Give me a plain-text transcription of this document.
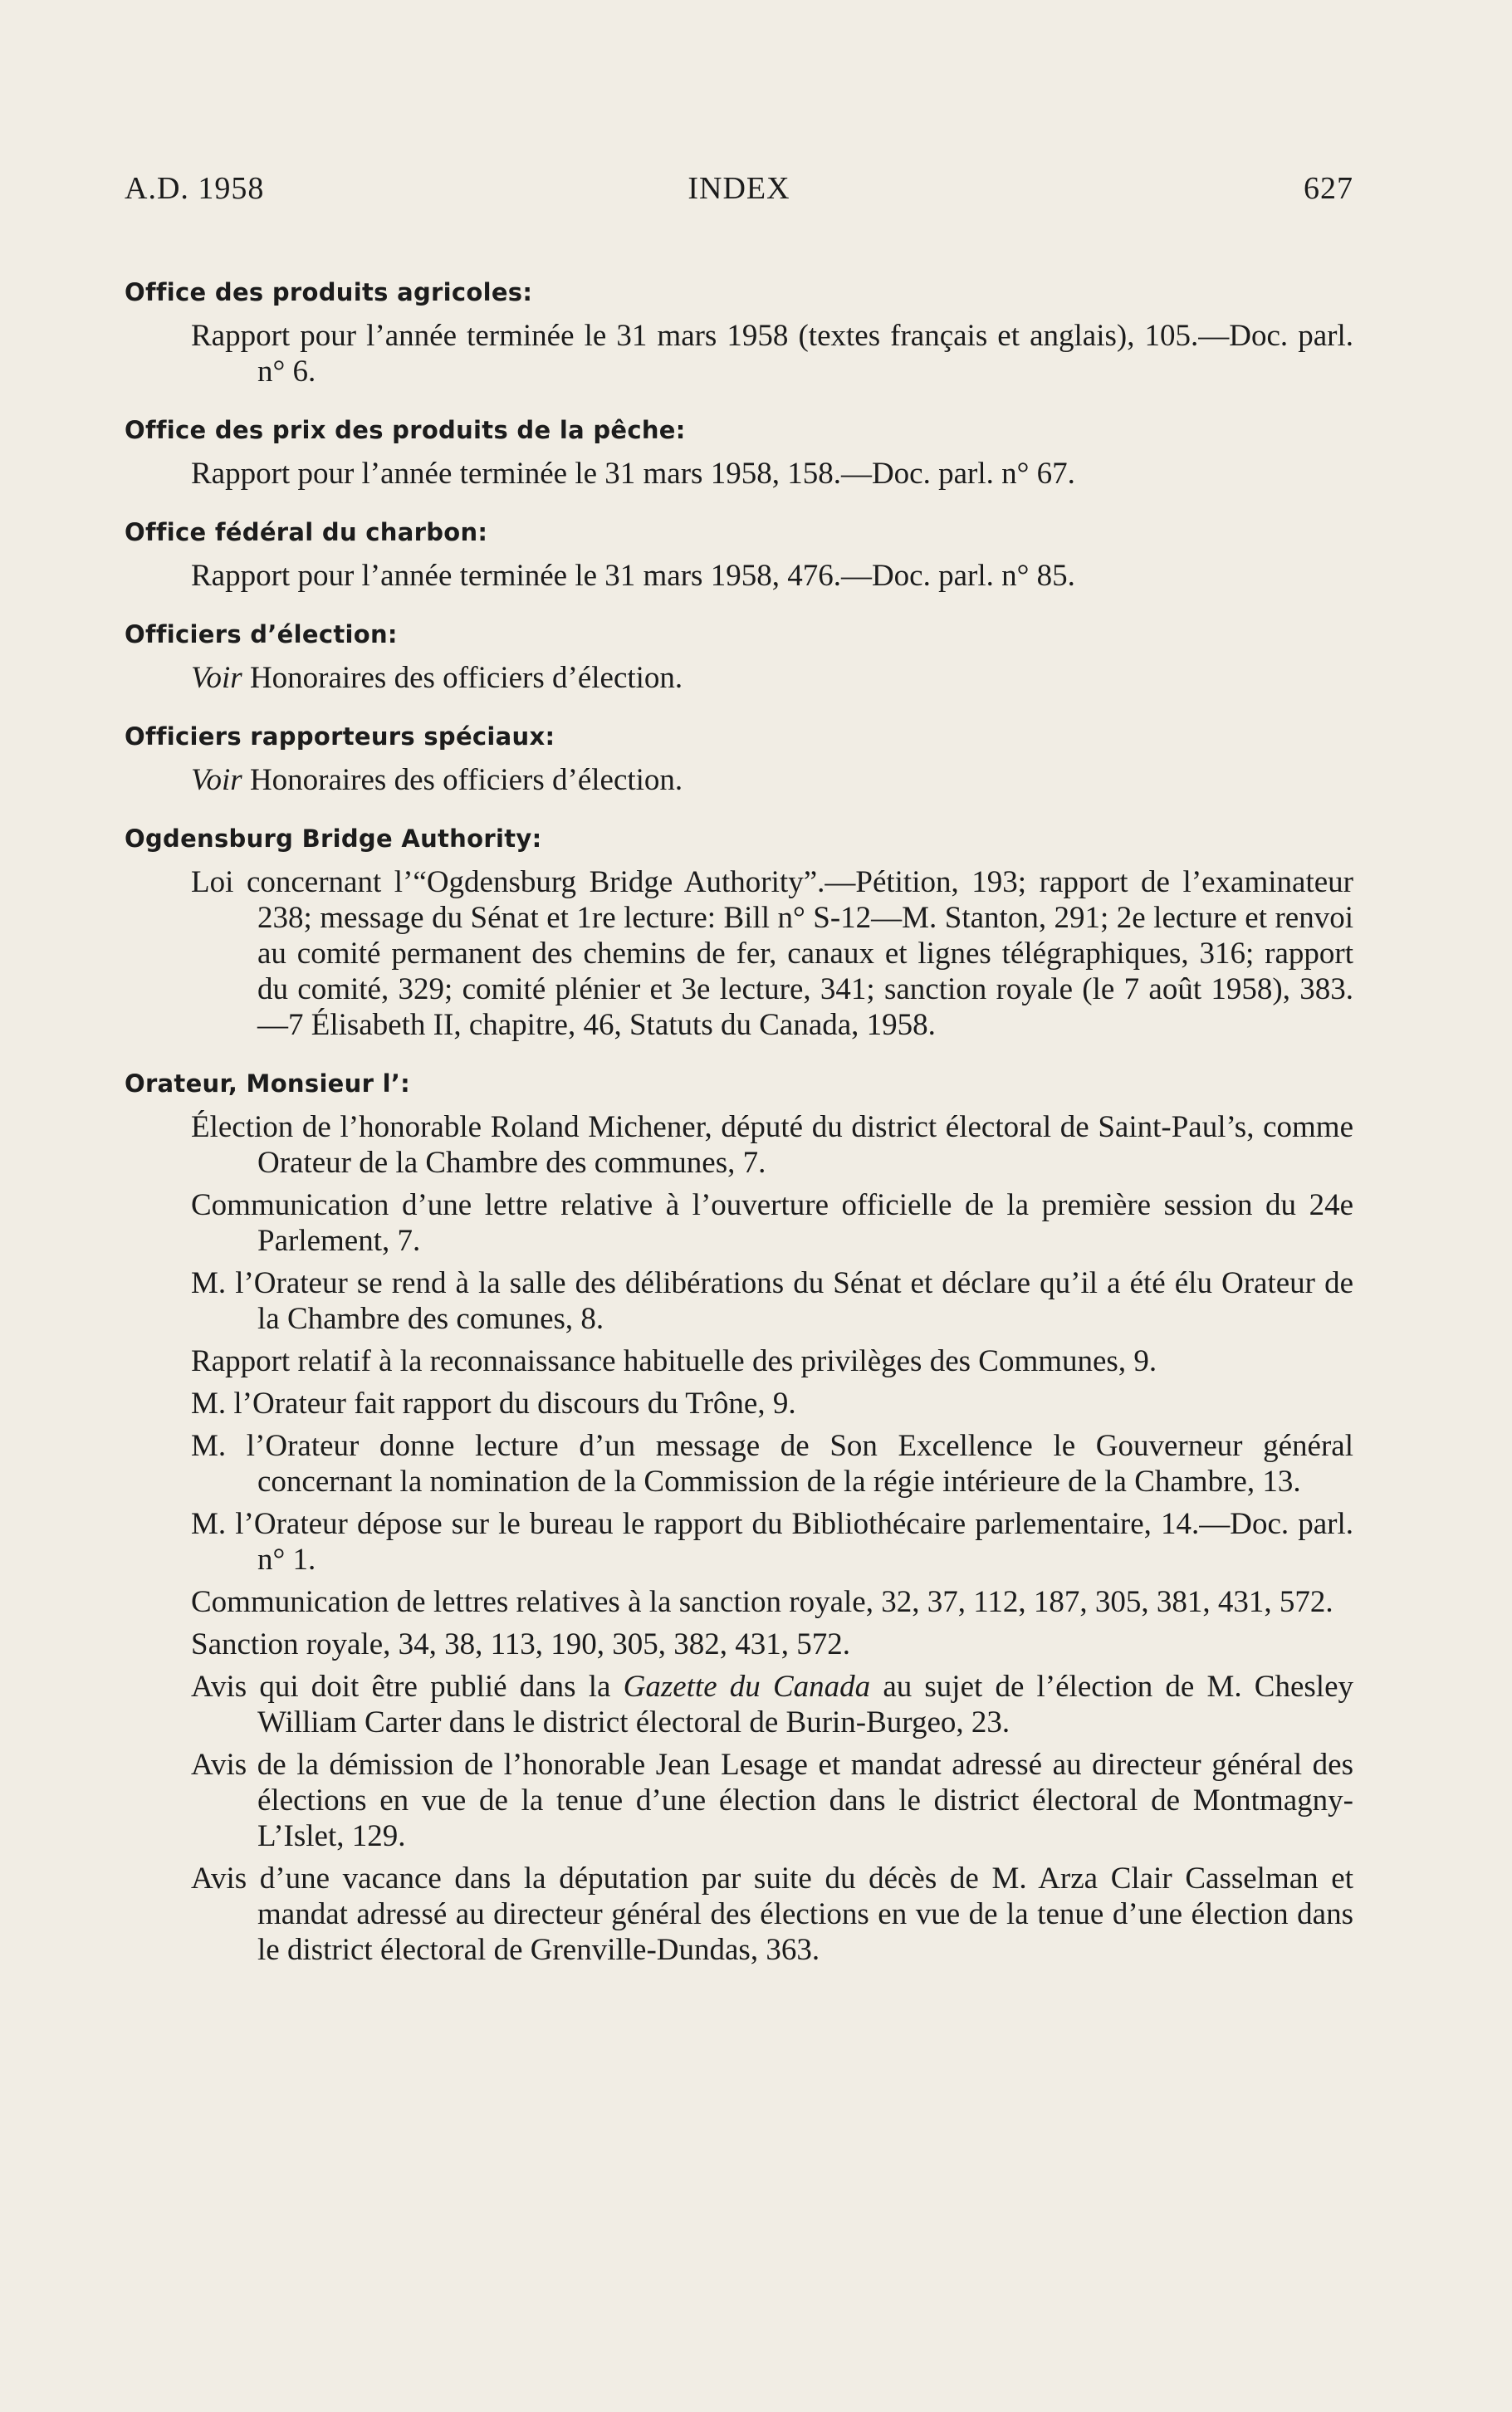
A.D. 1958	INDEX	627
Office des produits agricoles:
Rapport pour l’année terminée le 31 mars 1958 (textes français et anglais), 105.—Doc. parl. n° 6.
Office des prix des produits de la pêche:
Rapport pour l’année terminée le 31 mars 1958, 158.—Doc. parl. n° 67.
Office fédéral du charbon:
Rapport pour l’année terminée le 31 mars 1958, 476.—Doc. parl. n° 85.
Officiers d’élection:
Voir Honoraires des officiers d’élection.
Officiers rapporteurs spéciaux:
Voir Honoraires des officiers d’élection.
Ogdensburg Bridge Authority:
Loi concernant l’“Ogdensburg Bridge Authority”.—Pétition, 193; rapport de l’examinateur 238; message du Sénat et 1re lecture: Bill n° S-12—M. Stanton, 291; 2e lecture et renvoi au comité permanent des chemins de fer, canaux et lignes télégraphiques, 316; rapport du comité, 329; comité plénier et 3e lecture, 341; sanction royale (le 7 août 1958), 383.—7 Élisabeth II, chapitre, 46, Statuts du Canada, 1958.
Orateur, Monsieur l’:
Élection de l’honorable Roland Michener, député du district électoral de Saint-Paul’s, comme Orateur de la Chambre des communes, 7.
Communication d’une lettre relative à l’ouverture officielle de la première session du 24e Parlement, 7.
M. l’Orateur se rend à la salle des délibérations du Sénat et déclare qu’il a été élu Orateur de la Chambre des comunes, 8.
Rapport relatif à la reconnaissance habituelle des privilèges des Communes, 9.
M. l’Orateur fait rapport du discours du Trône, 9.
M. l’Orateur donne lecture d’un message de Son Excellence le Gouverneur général concernant la nomination de la Commission de la régie intérieure de la Chambre, 13.
M. l’Orateur dépose sur le bureau le rapport du Bibliothécaire parlementaire, 14.—Doc. parl. n° 1.
Communication de lettres relatives à la sanction royale, 32, 37, 112, 187, 305, 381, 431, 572.
Sanction royale, 34, 38, 113, 190, 305, 382, 431, 572.
Avis qui doit être publié dans la Gazette du Canada au sujet de l’élection de M. Chesley William Carter dans le district électoral de Burin-Burgeo, 23.
Avis de la démission de l’honorable Jean Lesage et mandat adressé au directeur général des élections en vue de la tenue d’une élection dans le district électoral de Montmagny-L’Islet, 129.
Avis d’une vacance dans la députation par suite du décès de M. Arza Clair Casselman et mandat adressé au directeur général des élections en vue de la tenue d’une élection dans le district électoral de Grenville-Dundas, 363.
